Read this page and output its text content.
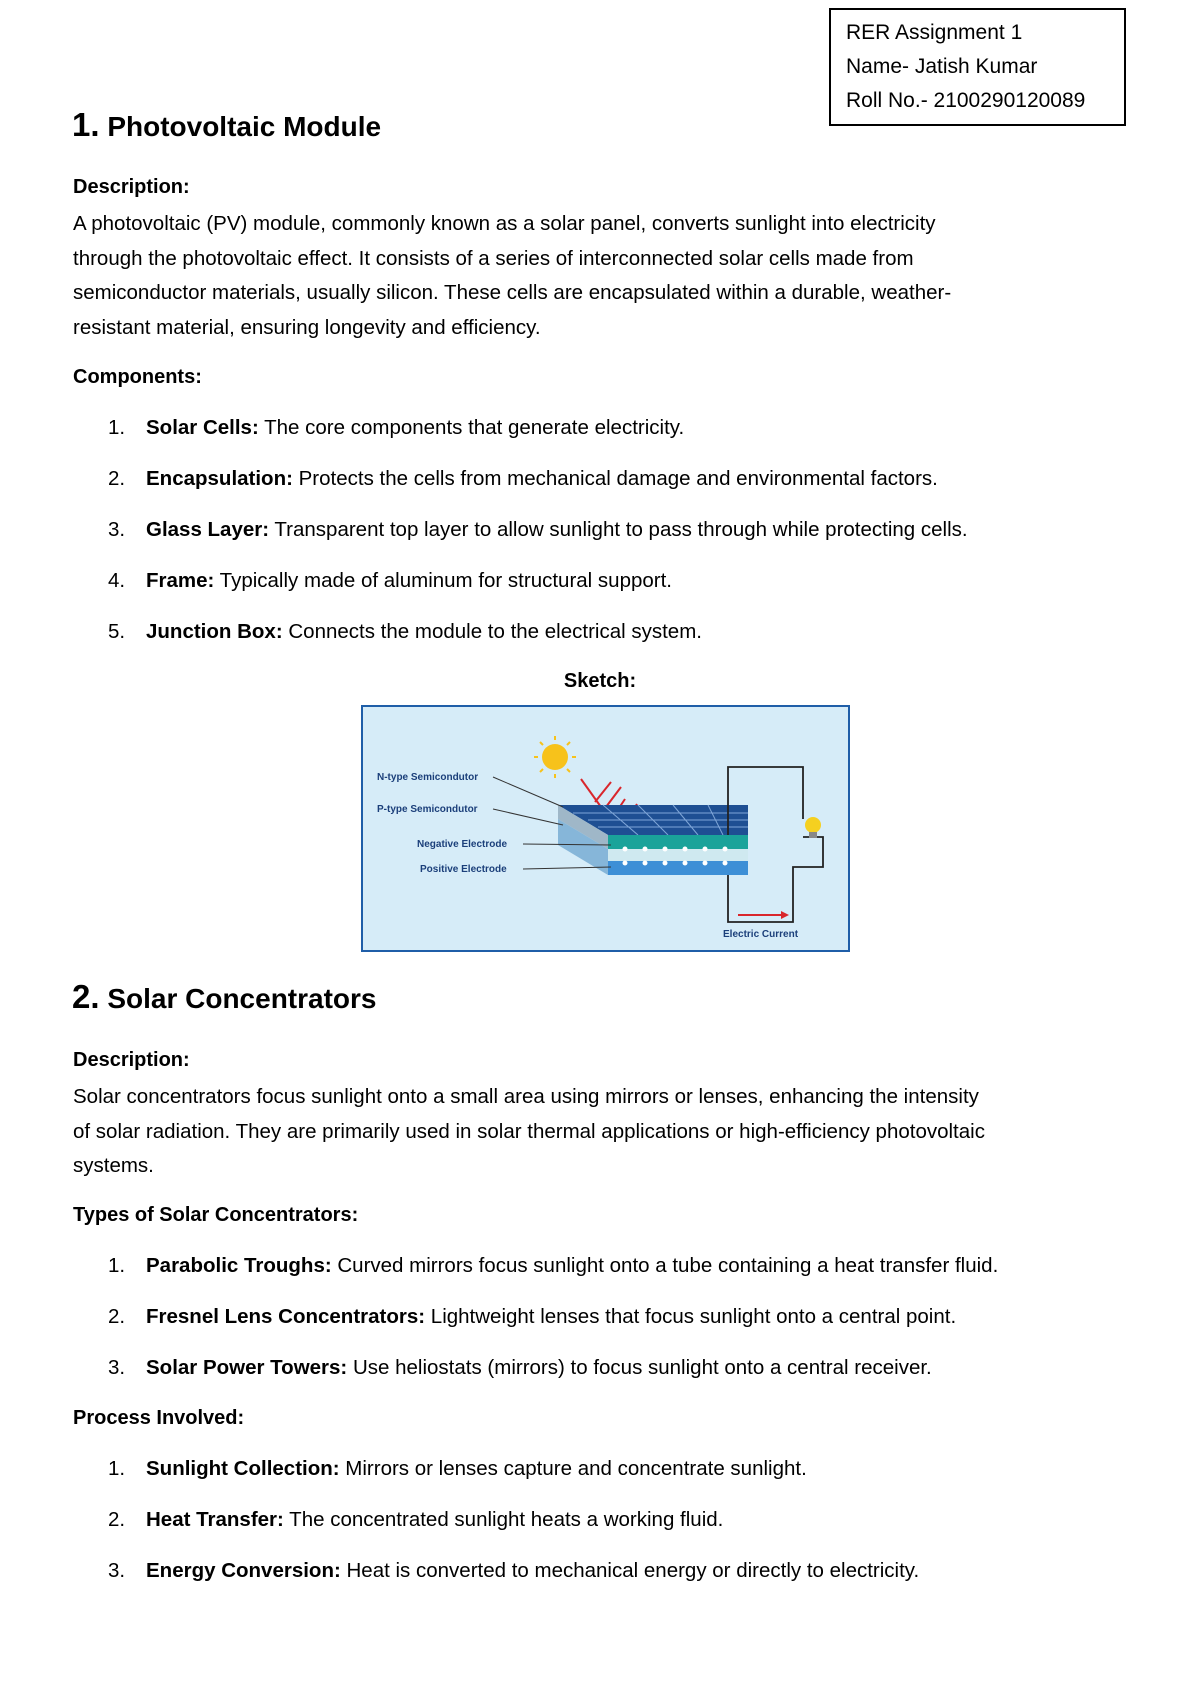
RER Assignment 1
Name- Jatish Kumar
Roll No.- 2100290120089
1. Photovoltaic Module
Description:
A photovoltaic (PV) module, commonly known as a solar panel, converts sunlight into electricity
through the photovoltaic effect. It consists of a series of interconnected solar cells made from
semiconductor materials, usually silicon. These cells are encapsulated within a durable, weather-
resistant material, ensuring longevity and efficiency.
Components:
1. Solar Cells: The core components that generate electricity.
2. Encapsulation: Protects the cells from mechanical damage and environmental factors.
3. Glass Layer: Transparent top layer to allow sunlight to pass through while protecting cells.
4. Frame: Typically made of aluminum for structural support.
5. Junction Box: Connects the module to the electrical system.
Sketch:
N-type Semicondutor
P-type Semicondutor
Negative Electrode
Positive Electrode
Electric Current
2. Solar Concentrators
Description:
Solar concentrators focus sunlight onto a small area using mirrors or lenses, enhancing the intensity
of solar radiation. They are primarily used in solar thermal applications or high-efficiency photovoltaic
systems.
Types of Solar Concentrators:
1. Parabolic Troughs: Curved mirrors focus sunlight onto a tube containing a heat transfer fluid.
2. Fresnel Lens Concentrators: Lightweight lenses that focus sunlight onto a central point.
3. Solar Power Towers: Use heliostats (mirrors) to focus sunlight onto a central receiver.
Process Involved:
1. Sunlight Collection: Mirrors or lenses capture and concentrate sunlight.
2. Heat Transfer: The concentrated sunlight heats a working fluid.
3. Energy Conversion: Heat is converted to mechanical energy or directly to electricity.
